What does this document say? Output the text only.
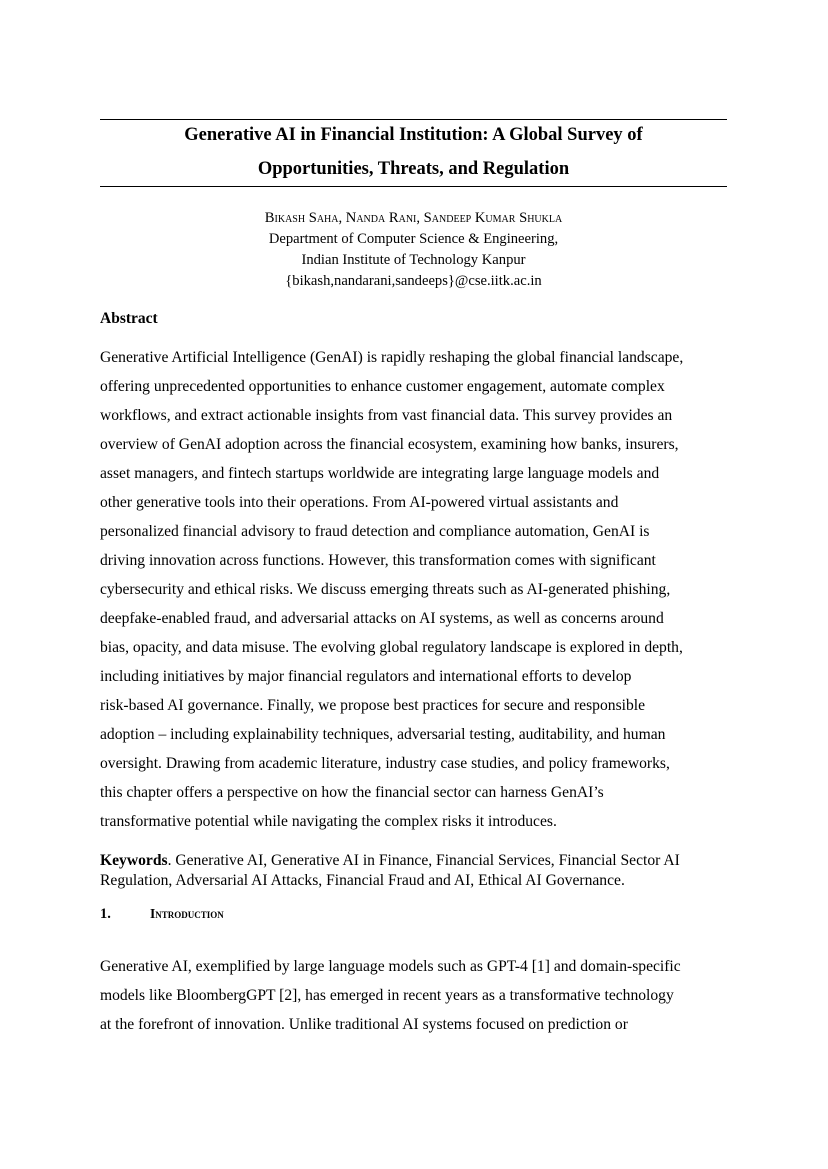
Generative AI in Financial Institution: A Global Survey of
Opportunities, Threats, and Regulation
Bikash Saha, Nanda Rani, Sandeep Kumar Shukla
Department of Computer Science & Engineering,
Indian Institute of Technology Kanpur
{bikash,nandarani,sandeeps}@cse.iitk.ac.in
Abstract
Generative Artificial Intelligence (GenAI) is rapidly reshaping the global financial landscape,
offering unprecedented opportunities to enhance customer engagement, automate complex
workflows, and extract actionable insights from vast financial data. This survey provides an
overview of GenAI adoption across the financial ecosystem, examining how banks, insurers,
asset managers, and fintech startups worldwide are integrating large language models and
other generative tools into their operations. From AI-powered virtual assistants and
personalized financial advisory to fraud detection and compliance automation, GenAI is
driving innovation across functions. However, this transformation comes with significant
cybersecurity and ethical risks. We discuss emerging threats such as AI-generated phishing,
deepfake-enabled fraud, and adversarial attacks on AI systems, as well as concerns around
bias, opacity, and data misuse. The evolving global regulatory landscape is explored in depth,
including initiatives by major financial regulators and international efforts to develop
risk-based AI governance. Finally, we propose best practices for secure and responsible
adoption – including explainability techniques, adversarial testing, auditability, and human
oversight. Drawing from academic literature, industry case studies, and policy frameworks,
this chapter offers a perspective on how the financial sector can harness GenAI’s
transformative potential while navigating the complex risks it introduces.
Keywords. Generative AI, Generative AI in Finance, Financial Services, Financial Sector AI
Regulation, Adversarial AI Attacks, Financial Fraud and AI, Ethical AI Governance.
1.	Introduction
Generative AI, exemplified by large language models such as GPT-4 [1] and domain-specific
models like BloombergGPT [2], has emerged in recent years as a transformative technology
at the forefront of innovation. Unlike traditional AI systems focused on prediction or
